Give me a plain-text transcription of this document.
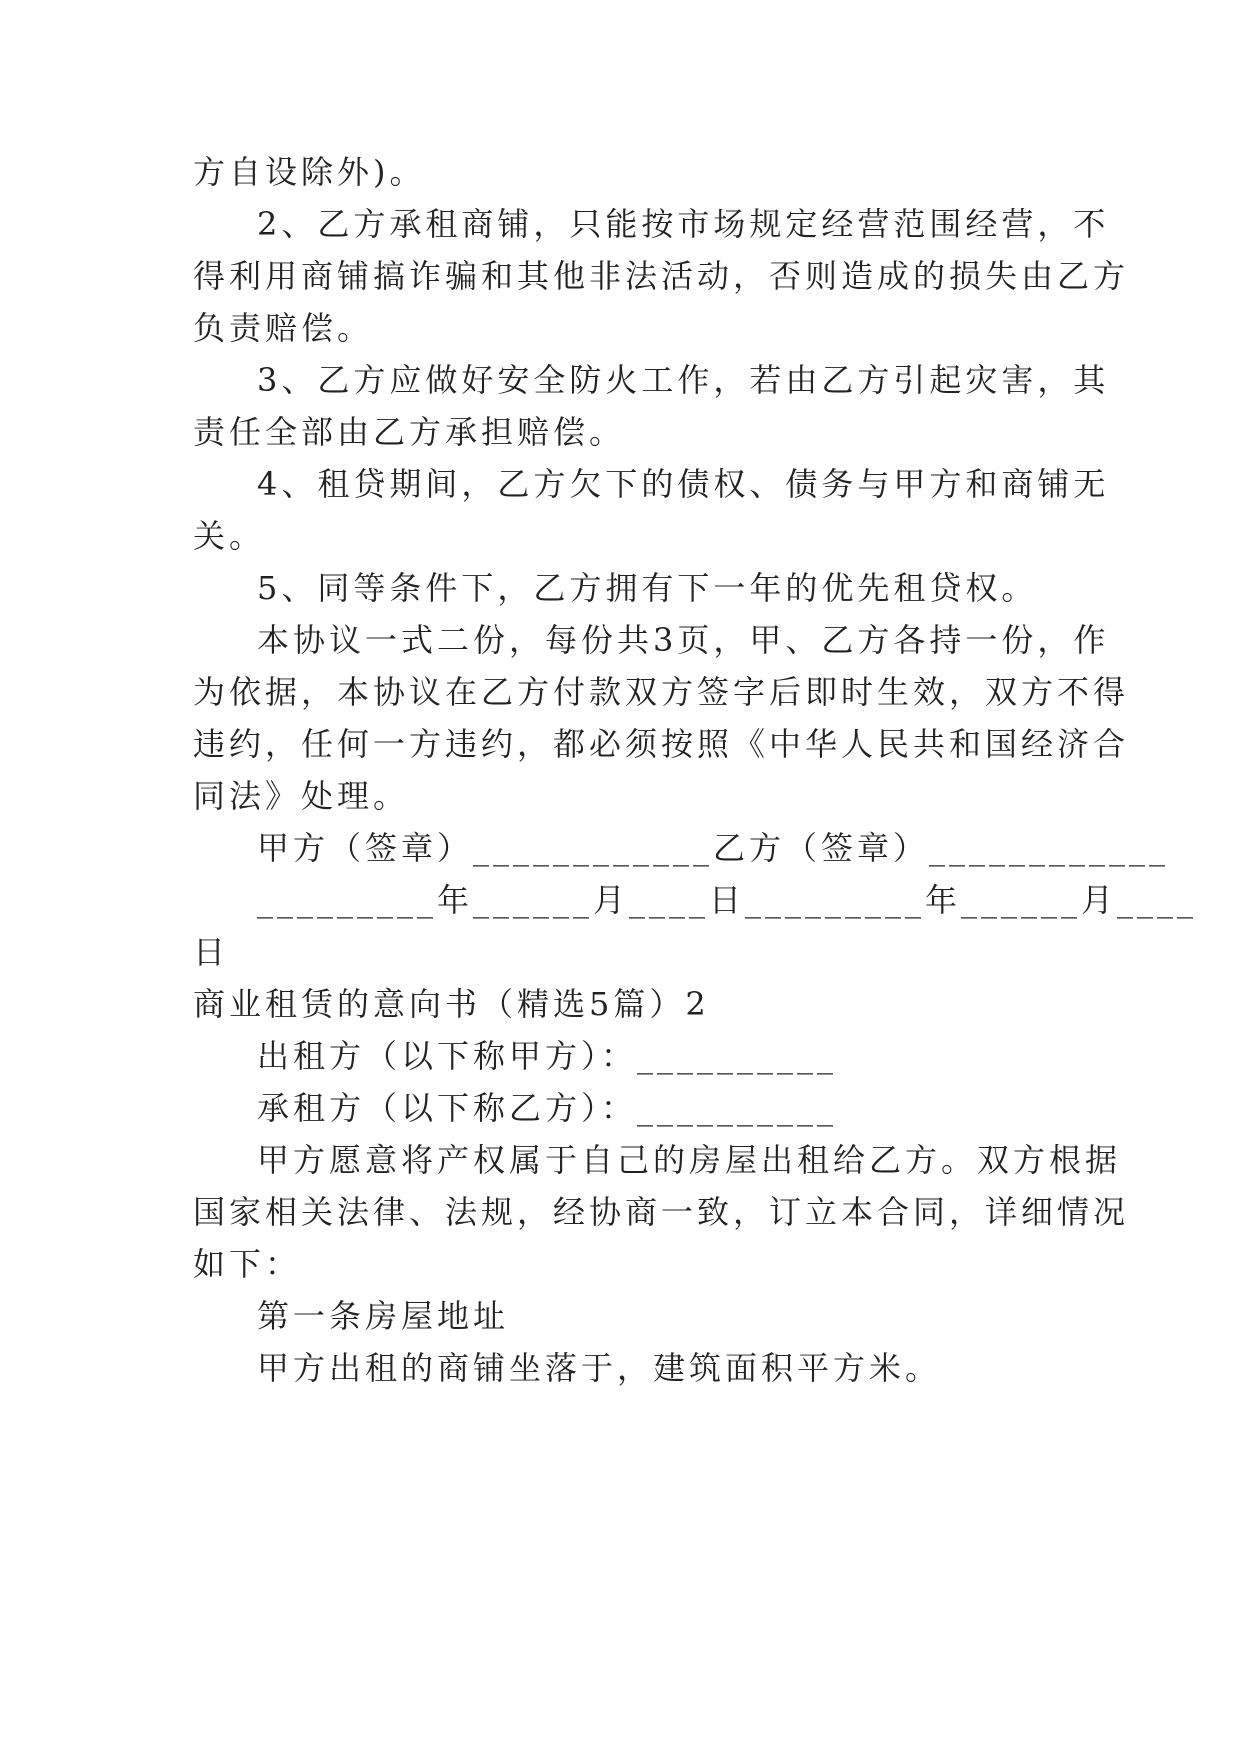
方自设除外)。
2、乙方承租商铺，只能按市场规定经营范围经营，不
得利用商铺搞诈骗和其他非法活动，否则造成的损失由乙方
负责赔偿。
3、乙方应做好安全防火工作，若由乙方引起灾害，其
责任全部由乙方承担赔偿。
4、租贷期间，乙方欠下的债权、债务与甲方和商铺无
关。
5、同等条件下，乙方拥有下一年的优先租贷权。
本协议一式二份，每份共3页，甲、乙方各持一份，作
为依据，本协议在乙方付款双方签字后即时生效，双方不得
违约，任何一方违约，都必须按照《中华人民共和国经济合
同法》处理。
甲方（签章）____________乙方（签章）____________
_________年______月____日_________年______月____
日
商业租赁的意向书（精选5篇）2
出租方（以下称甲方）：__________
承租方（以下称乙方）：__________
甲方愿意将产权属于自己的房屋出租给乙方。双方根据
国家相关法律、法规，经协商一致，订立本合同，详细情况
如下：
第一条房屋地址
甲方出租的商铺坐落于，建筑面积平方米。
